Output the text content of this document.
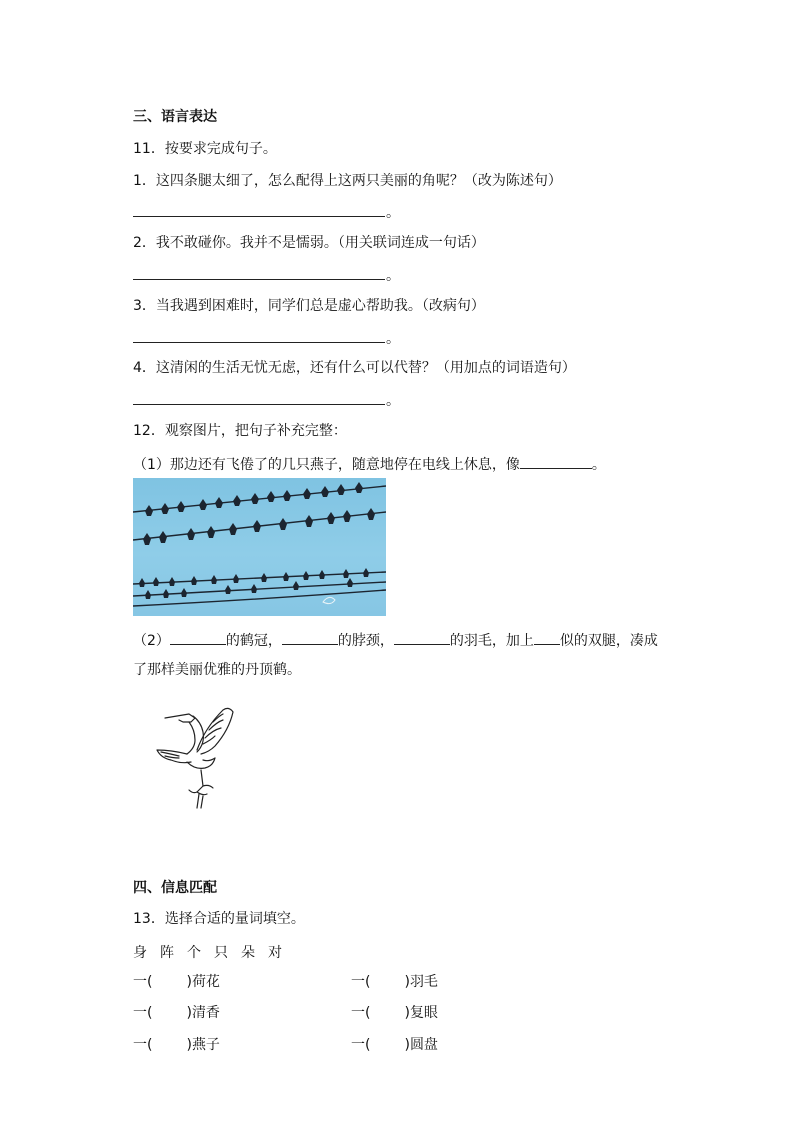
三、语言表达
11．按要求完成句子。
1．这四条腿太细了，怎么配得上这两只美丽的角呢？（改为陈述句）
。
2．我不敢碰你。我并不是懦弱。（用关联词连成一句话）
。
3．当我遇到困难时，同学们总是虚心帮助我。（改病句）
。
4．这清闲的生活无忧无虑，还有什么可以代替？（用加点的词语造句）
。
12．观察图片，把句子补充完整：
（1）那边还有飞倦了的几只燕子，随意地停在电线上休息，像	。
（2）	的鹤冠，	的脖颈，	的羽毛，加上 似的双腿，凑成
了那样美丽优雅的丹顶鹤。
四、信息匹配
13．选择合适的量词填空。
身 阵 个 只 朵 对
一( )荷花	一( )羽毛
一( )清香	一( )复眼
一( )燕子	一( )圆盘
